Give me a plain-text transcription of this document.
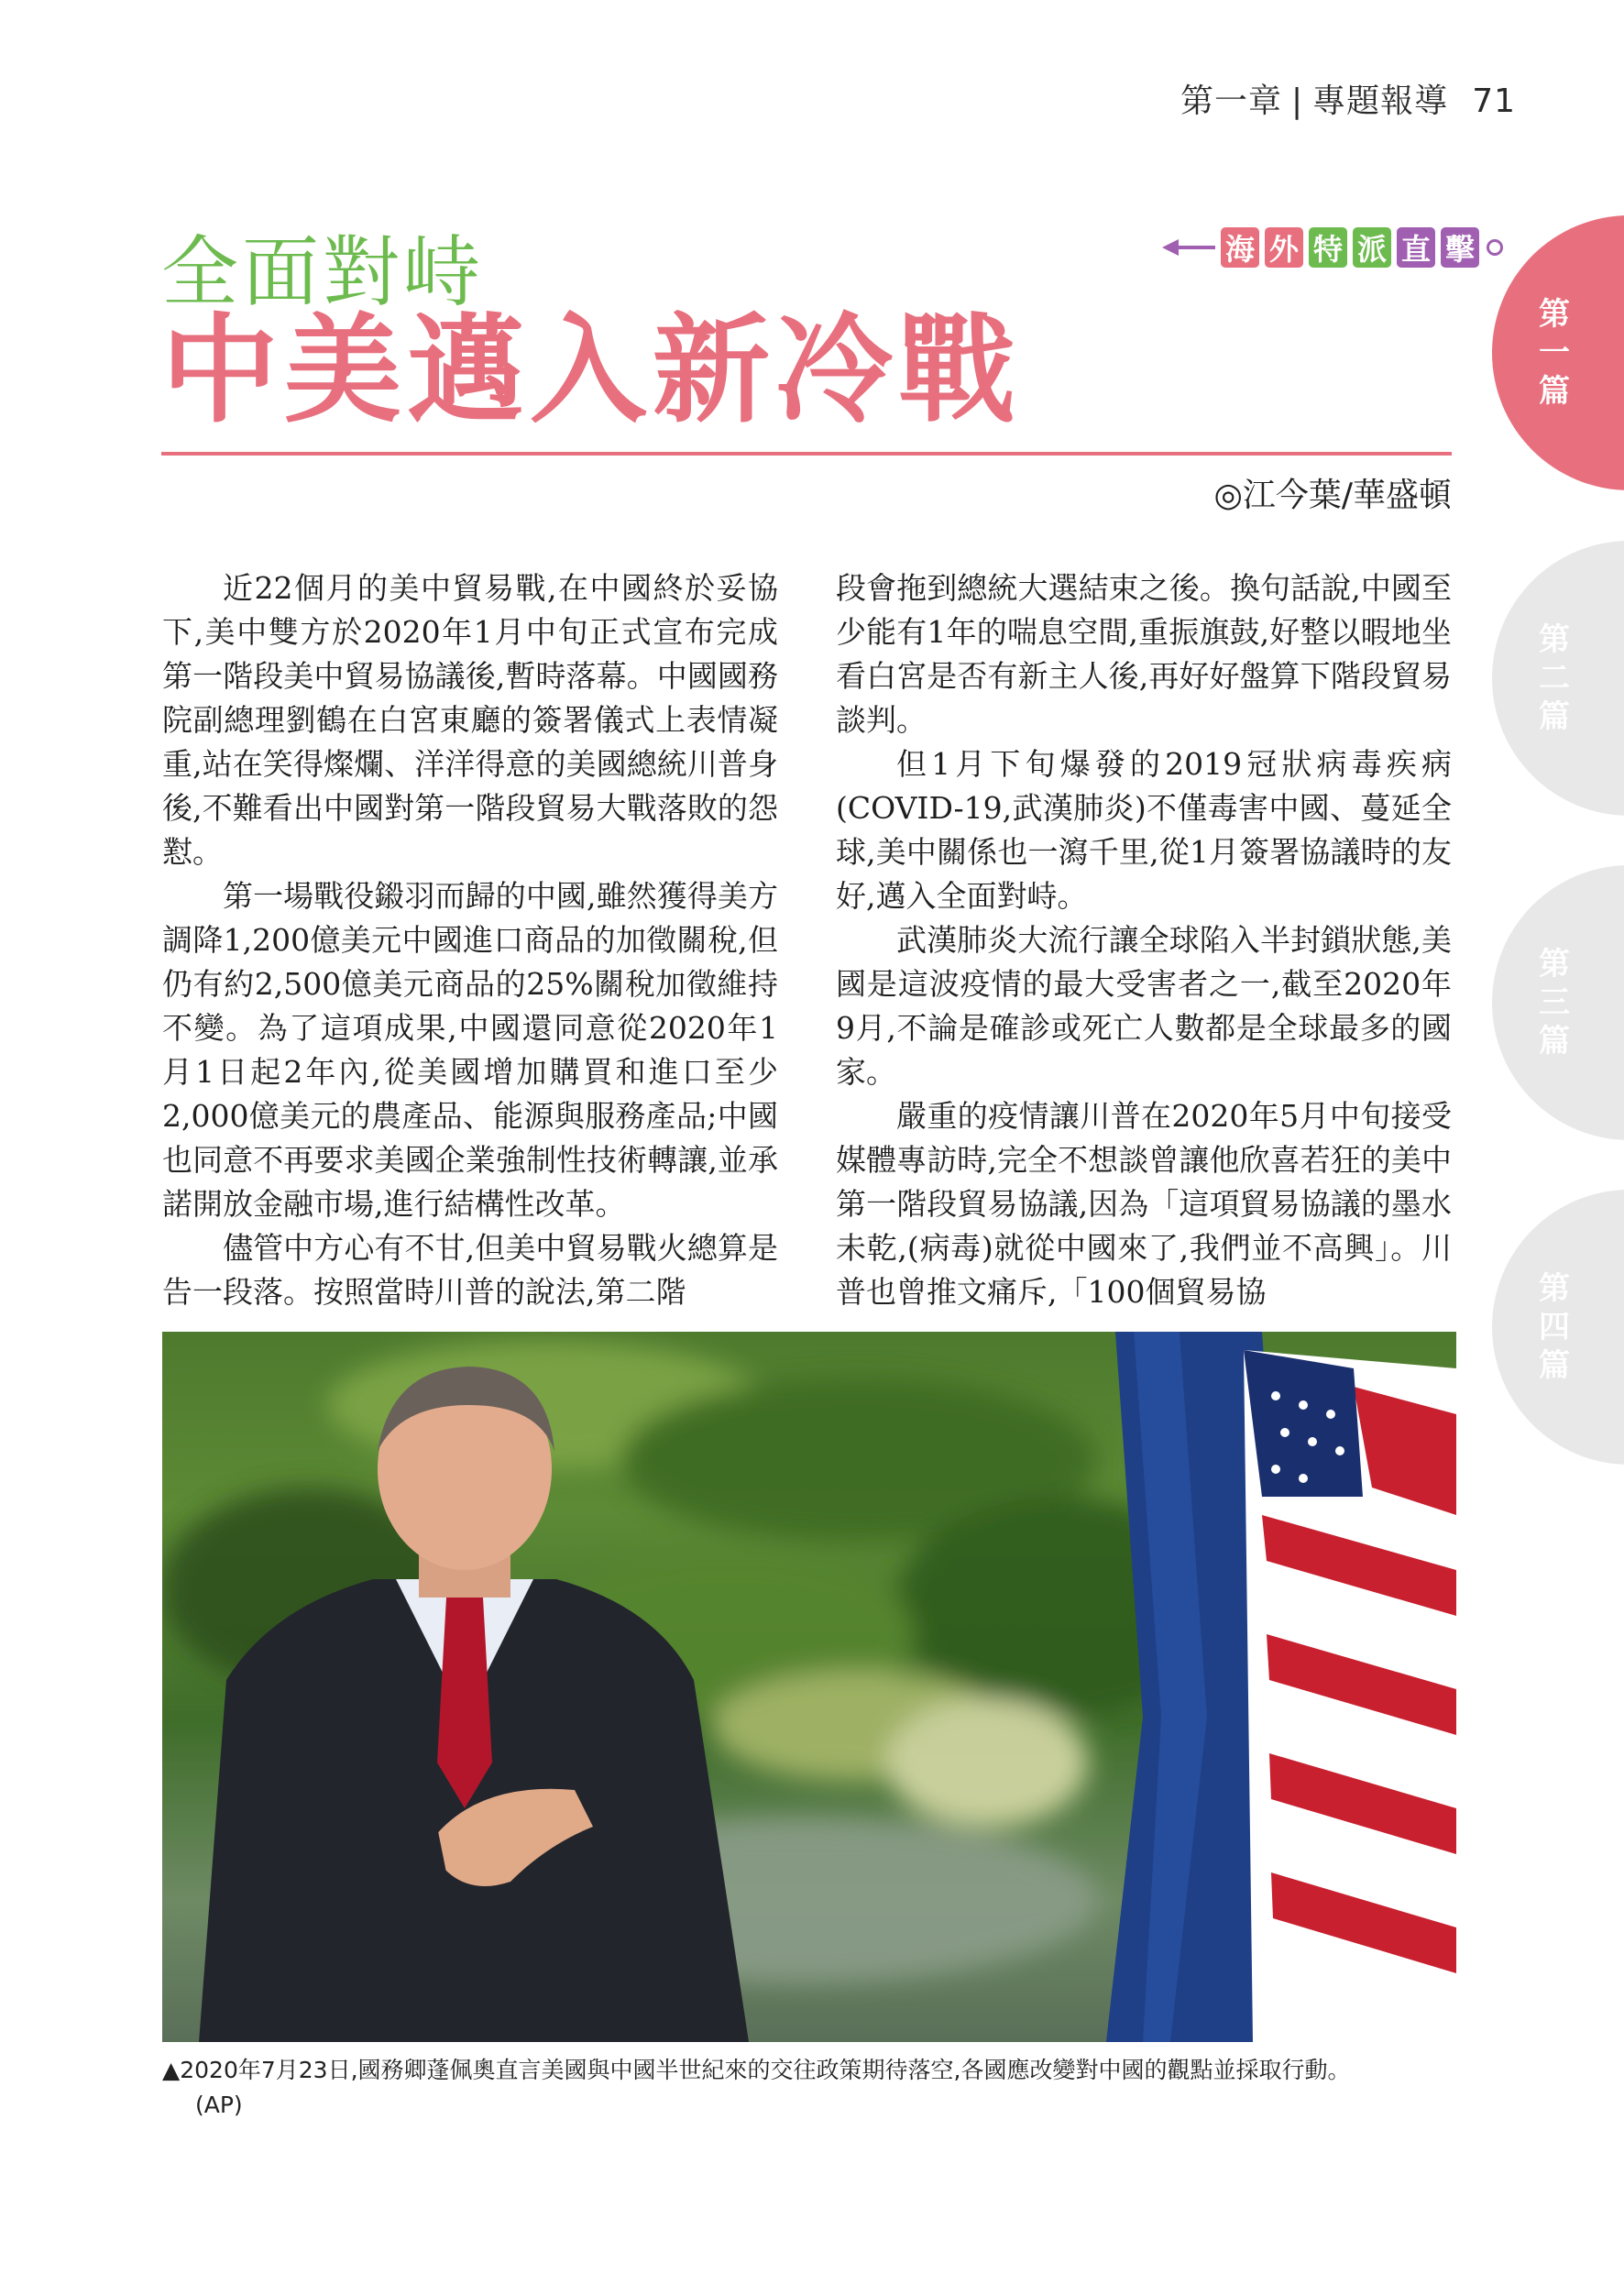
第一章 | 專題報導 71
第一篇
第二篇
第三篇
第四篇
海 外 特 派 直 擊
全面對峙
中美邁入新冷戰
◎江今葉/華盛頓

近22個月的美中貿易戰,在中國終於妥協下,美中雙方於2020年1月中旬正式宣布完成第一階段美中貿易協議後,暫時落幕。中國國務院副總理劉鶴在白宮東廳的簽署儀式上表情凝重,站在笑得燦爛、洋洋得意的美國總統川普身後,不難看出中國對第一階段貿易大戰落敗的怨懟。

第一場戰役鎩羽而歸的中國,雖然獲得美方調降1,200億美元中國進口商品的加徵關稅,但仍有約2,500億美元商品的25%關稅加徵維持不變。為了這項成果,中國還同意從2020年1月1日起2年內,從美國增加購買和進口至少2,000億美元的農產品、能源與服務產品;中國也同意不再要求美國企業強制性技術轉讓,並承諾開放金融市場,進行結構性改革。

儘管中方心有不甘,但美中貿易戰火總算是告一段落。按照當時川普的說法,第二階

段會拖到總統大選結束之後。換句話說,中國至少能有1年的喘息空間,重振旗鼓,好整以暇地坐看白宮是否有新主人後,再好好盤算下階段貿易談判。

但1月下旬爆發的2019冠狀病毒疾病(COVID-19,武漢肺炎)不僅毒害中國、蔓延全球,美中關係也一瀉千里,從1月簽署協議時的友好,邁入全面對峙。

武漢肺炎大流行讓全球陷入半封鎖狀態,美國是這波疫情的最大受害者之一,截至2020年9月,不論是確診或死亡人數都是全球最多的國家。

嚴重的疫情讓川普在2020年5月中旬接受媒體專訪時,完全不想談曾讓他欣喜若狂的美中第一階段貿易協議,因為「這項貿易協議的墨水未乾,(病毒)就從中國來了,我們並不高興」。川普也曾推文痛斥,「100個貿易協

▲2020年7月23日,國務卿蓬佩奧直言美國與中國半世紀來的交往政策期待落空,各國應改變對中國的觀點並採取行動。
(AP)
